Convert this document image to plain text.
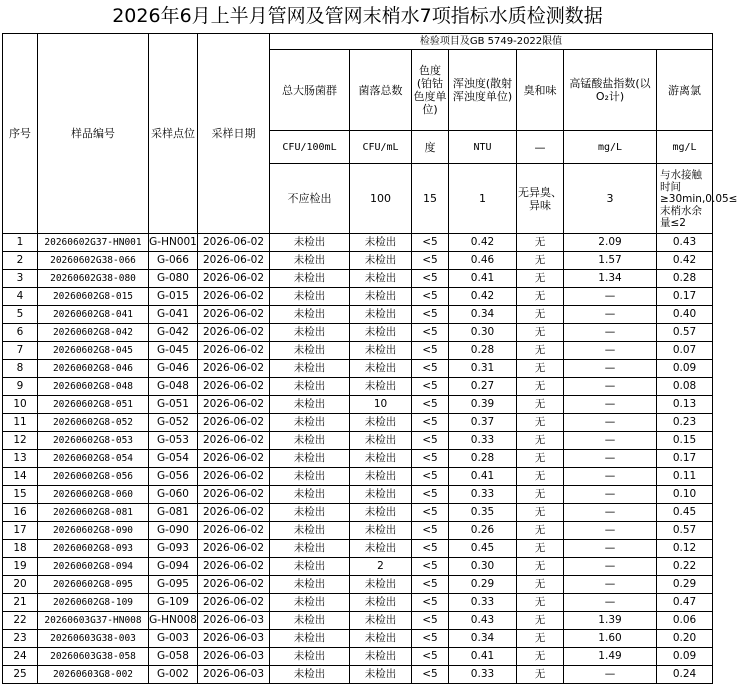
2026年6月上半月管网及管网末梢水7项指标水质检测数据
序号	样品编号	采样点位	采样日期	检验项目及GB 5749-2022限值						
				总大肠菌群	菌落总数	色度(铂钴色度单位)	浑浊度(散射浑浊度单位)	臭和味	高锰酸盐指数(以O₂计)	游离氯
				CFU/100mL	CFU/mL	度	NTU	—	mg/L	mg/L
				不应检出	100	15	1	无异臭、异味	3	与水接触时间≥30min,0.05≤末梢水余量≤2
1	20260602G37-HN001	G-HN001	2026-06-02	未检出	未检出	<5	0.42	无	2.09	0.43
2	20260602G38-066	G-066	2026-06-02	未检出	未检出	<5	0.46	无	1.57	0.42
3	20260602G38-080	G-080	2026-06-02	未检出	未检出	<5	0.41	无	1.34	0.28
4	20260602G8-015	G-015	2026-06-02	未检出	未检出	<5	0.42	无	—	0.17
5	20260602G8-041	G-041	2026-06-02	未检出	未检出	<5	0.34	无	—	0.40
6	20260602G8-042	G-042	2026-06-02	未检出	未检出	<5	0.30	无	—	0.57
7	20260602G8-045	G-045	2026-06-02	未检出	未检出	<5	0.28	无	—	0.07
8	20260602G8-046	G-046	2026-06-02	未检出	未检出	<5	0.31	无	—	0.09
9	20260602G8-048	G-048	2026-06-02	未检出	未检出	<5	0.27	无	—	0.08
10	20260602G8-051	G-051	2026-06-02	未检出	10	<5	0.39	无	—	0.13
11	20260602G8-052	G-052	2026-06-02	未检出	未检出	<5	0.37	无	—	0.23
12	20260602G8-053	G-053	2026-06-02	未检出	未检出	<5	0.33	无	—	0.15
13	20260602G8-054	G-054	2026-06-02	未检出	未检出	<5	0.28	无	—	0.17
14	20260602G8-056	G-056	2026-06-02	未检出	未检出	<5	0.41	无	—	0.11
15	20260602G8-060	G-060	2026-06-02	未检出	未检出	<5	0.33	无	—	0.10
16	20260602G8-081	G-081	2026-06-02	未检出	未检出	<5	0.35	无	—	0.45
17	20260602G8-090	G-090	2026-06-02	未检出	未检出	<5	0.26	无	—	0.57
18	20260602G8-093	G-093	2026-06-02	未检出	未检出	<5	0.45	无	—	0.12
19	20260602G8-094	G-094	2026-06-02	未检出	2	<5	0.30	无	—	0.22
20	20260602G8-095	G-095	2026-06-02	未检出	未检出	<5	0.29	无	—	0.29
21	20260602G8-109	G-109	2026-06-02	未检出	未检出	<5	0.33	无	—	0.47
22	20260603G37-HN008	G-HN008	2026-06-03	未检出	未检出	<5	0.43	无	1.39	0.06
23	20260603G38-003	G-003	2026-06-03	未检出	未检出	<5	0.34	无	1.60	0.20
24	20260603G38-058	G-058	2026-06-03	未检出	未检出	<5	0.41	无	1.49	0.09
25	20260603G8-002	G-002	2026-06-03	未检出	未检出	<5	0.33	无	—	0.24
